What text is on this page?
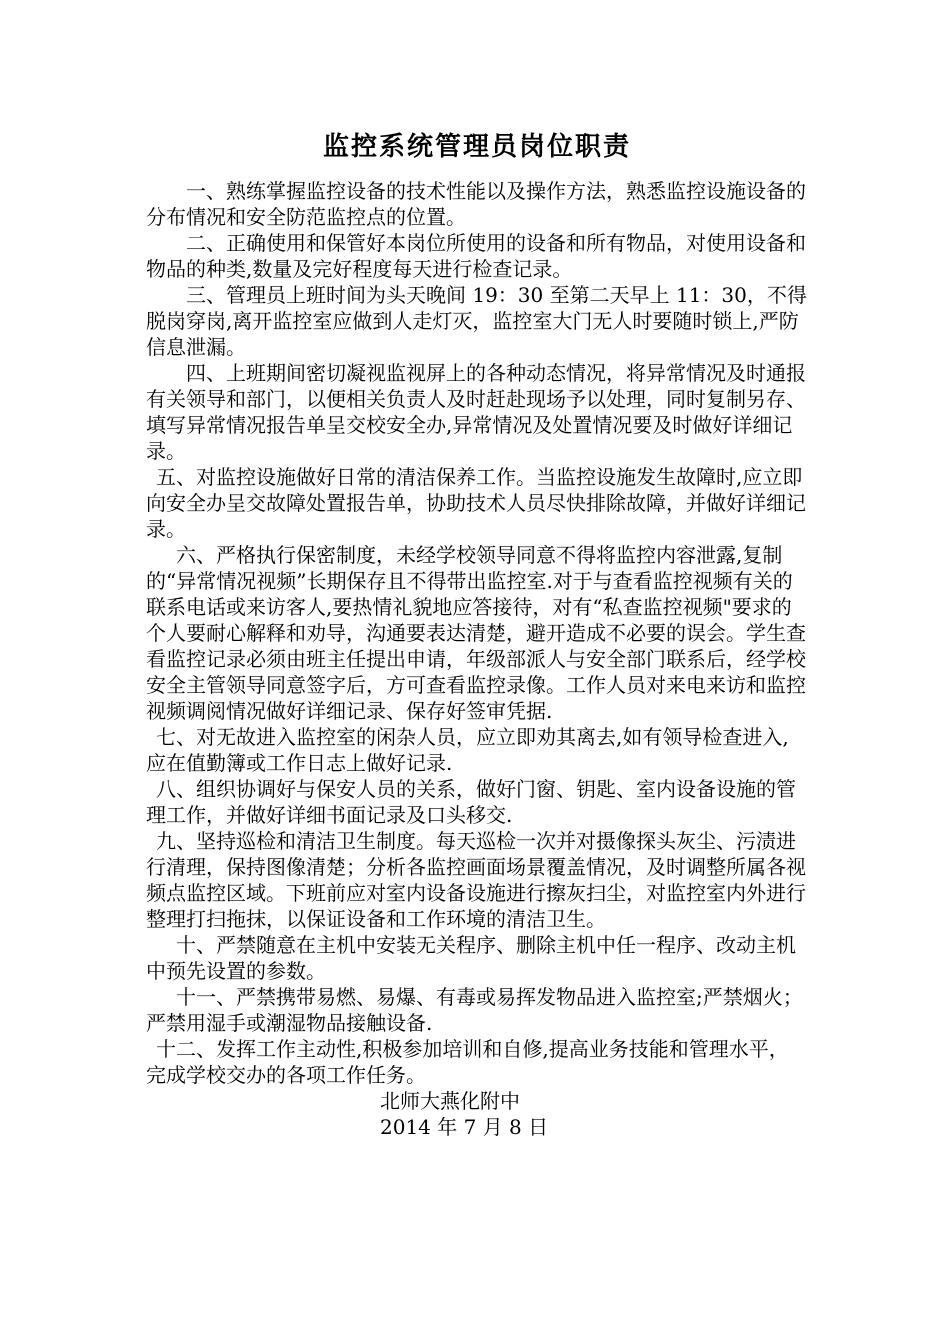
监控系统管理员岗位职责

一、熟练掌握监控设备的技术性能以及操作方法，熟悉监控设施设备的分布情况和安全防范监控点的位置。

二、正确使用和保管好本岗位所使用的设备和所有物品，对使用设备和物品的种类,数量及完好程度每天进行检查记录。

三、管理员上班时间为头天晚间 19：30 至第二天早上 11：30，不得脱岗穿岗,离开监控室应做到人走灯灭，监控室大门无人时要随时锁上,严防信息泄漏。

四、上班期间密切凝视监视屏上的各种动态情况，将异常情况及时通报有关领导和部门，以便相关负责人及时赶赴现场予以处理，同时复制另存、填写异常情况报告单呈交校安全办,异常情况及处置情况要及时做好详细记录。

五、对监控设施做好日常的清洁保养工作。当监控设施发生故障时,应立即向安全办呈交故障处置报告单，协助技术人员尽快排除故障，并做好详细记录。

六、严格执行保密制度，未经学校领导同意不得将监控内容泄露,复制的“异常情况视频”长期保存且不得带出监控室.对于与查看监控视频有关的联系电话或来访客人,要热情礼貌地应答接待，对有“私查监控视频"要求的个人要耐心解释和劝导，沟通要表达清楚，避开造成不必要的误会。学生查看监控记录必须由班主任提出申请，年级部派人与安全部门联系后，经学校安全主管领导同意签字后，方可查看监控录像。工作人员对来电来访和监控视频调阅情况做好详细记录、保存好签审凭据.

七、对无故进入监控室的闲杂人员，应立即劝其离去,如有领导检查进入,应在值勤簿或工作日志上做好记录.

八、组织协调好与保安人员的关系，做好门窗、钥匙、室内设备设施的管理工作，并做好详细书面记录及口头移交.

九、坚持巡检和清洁卫生制度。每天巡检一次并对摄像探头灰尘、污渍进行清理，保持图像清楚；分析各监控画面场景覆盖情况，及时调整所属各视频点监控区域。下班前应对室内设备设施进行擦灰扫尘，对监控室内外进行整理打扫拖抹，以保证设备和工作环境的清洁卫生。

十、严禁随意在主机中安装无关程序、删除主机中任一程序、改动主机中预先设置的参数。

十一、严禁携带易燃、易爆、有毒或易挥发物品进入监控室;严禁烟火；严禁用湿手或潮湿物品接触设备.

十二、发挥工作主动性,积极参加培训和自修,提高业务技能和管理水平，完成学校交办的各项工作任务。

北师大燕化附中

2014 年 7 月 8 日
